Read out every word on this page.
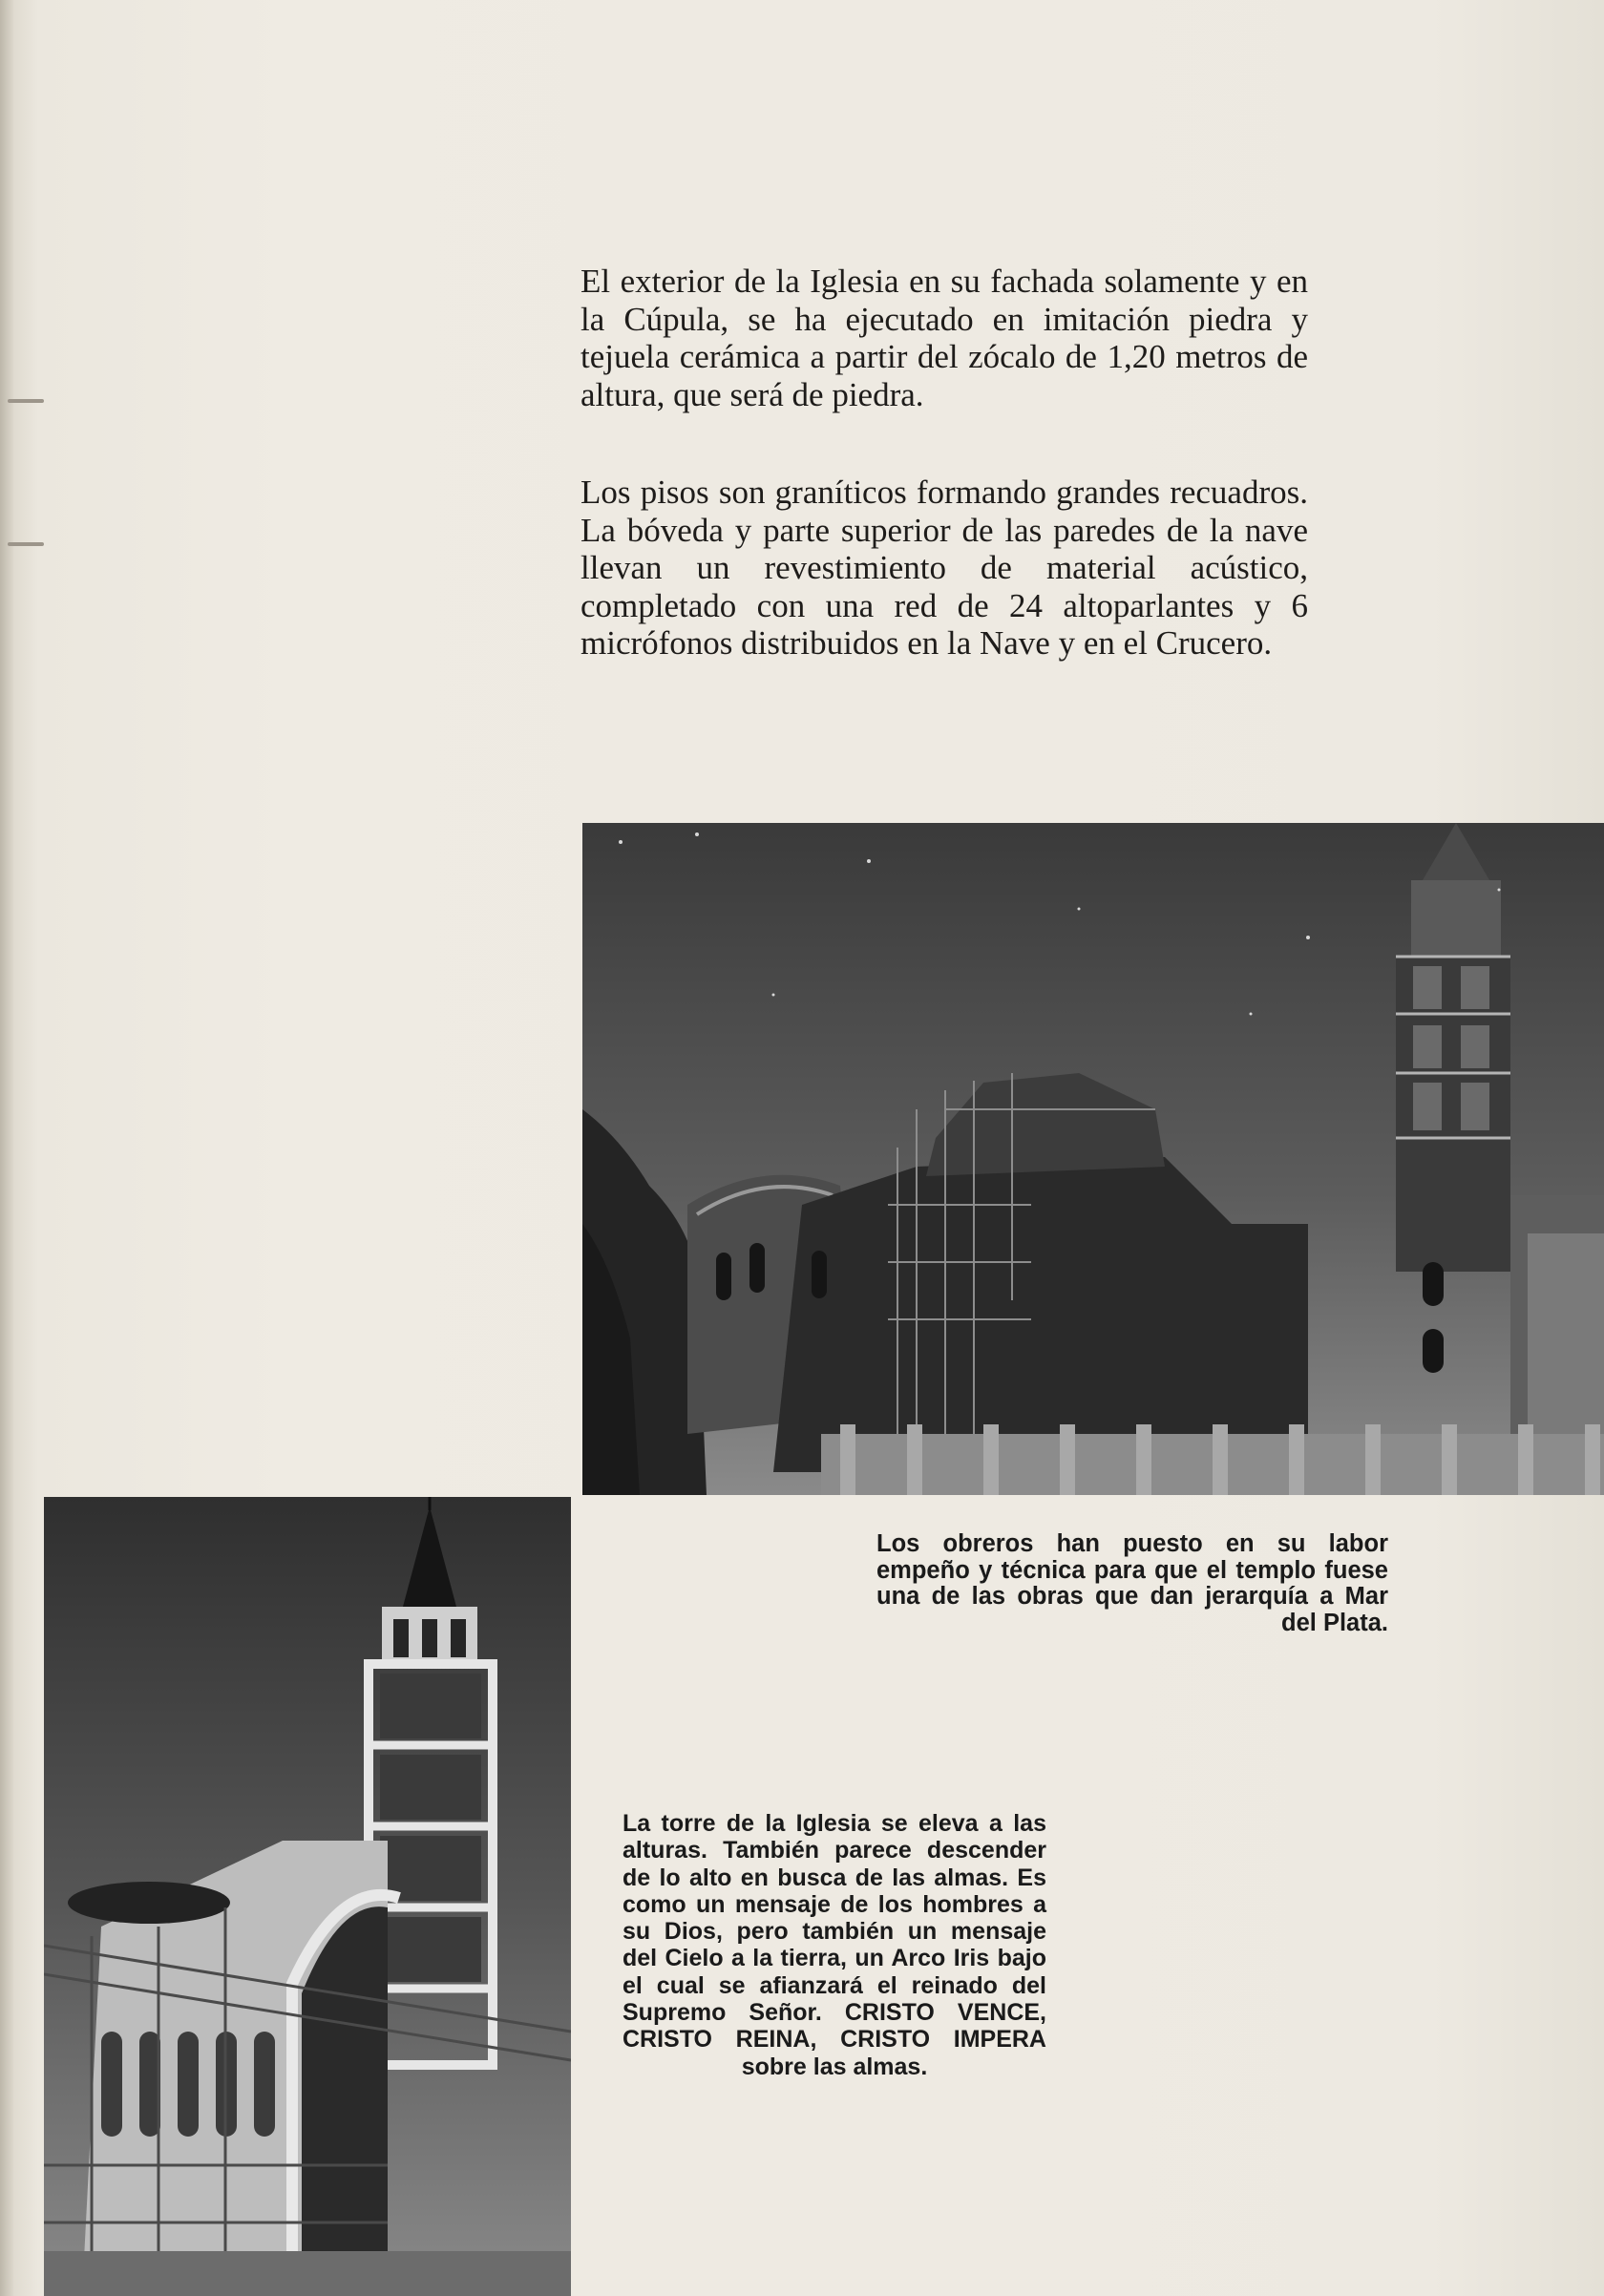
El exterior de la Iglesia en su fachada solamente y en la Cúpula, se ha ejecutado en imitación piedra y tejuela cerámica a partir del zócalo de 1,20 metros de altura, que será de piedra.

Los pisos son graníticos formando grandes recuadros. La bóveda y parte superior de las paredes de la nave llevan un revestimiento de material acústico, completado con una red de 24 altoparlantes y 6 micrófonos distribuidos en la Nave y en el Crucero.

Los obreros han puesto en su labor empeño y técnica para que el templo fuese una de las obras que dan jerarquía a Mar del Plata.

La torre de la Iglesia se eleva a las alturas. También parece descender de lo alto en busca de las almas. Es como un mensaje de los hombres a su Dios, pero también un mensaje del Cielo a la tierra, un Arco Iris bajo el cual se afianzará el reinado del Supremo Señor. CRISTO VENCE, CRISTO REINA, CRISTO IMPERA sobre las almas.
